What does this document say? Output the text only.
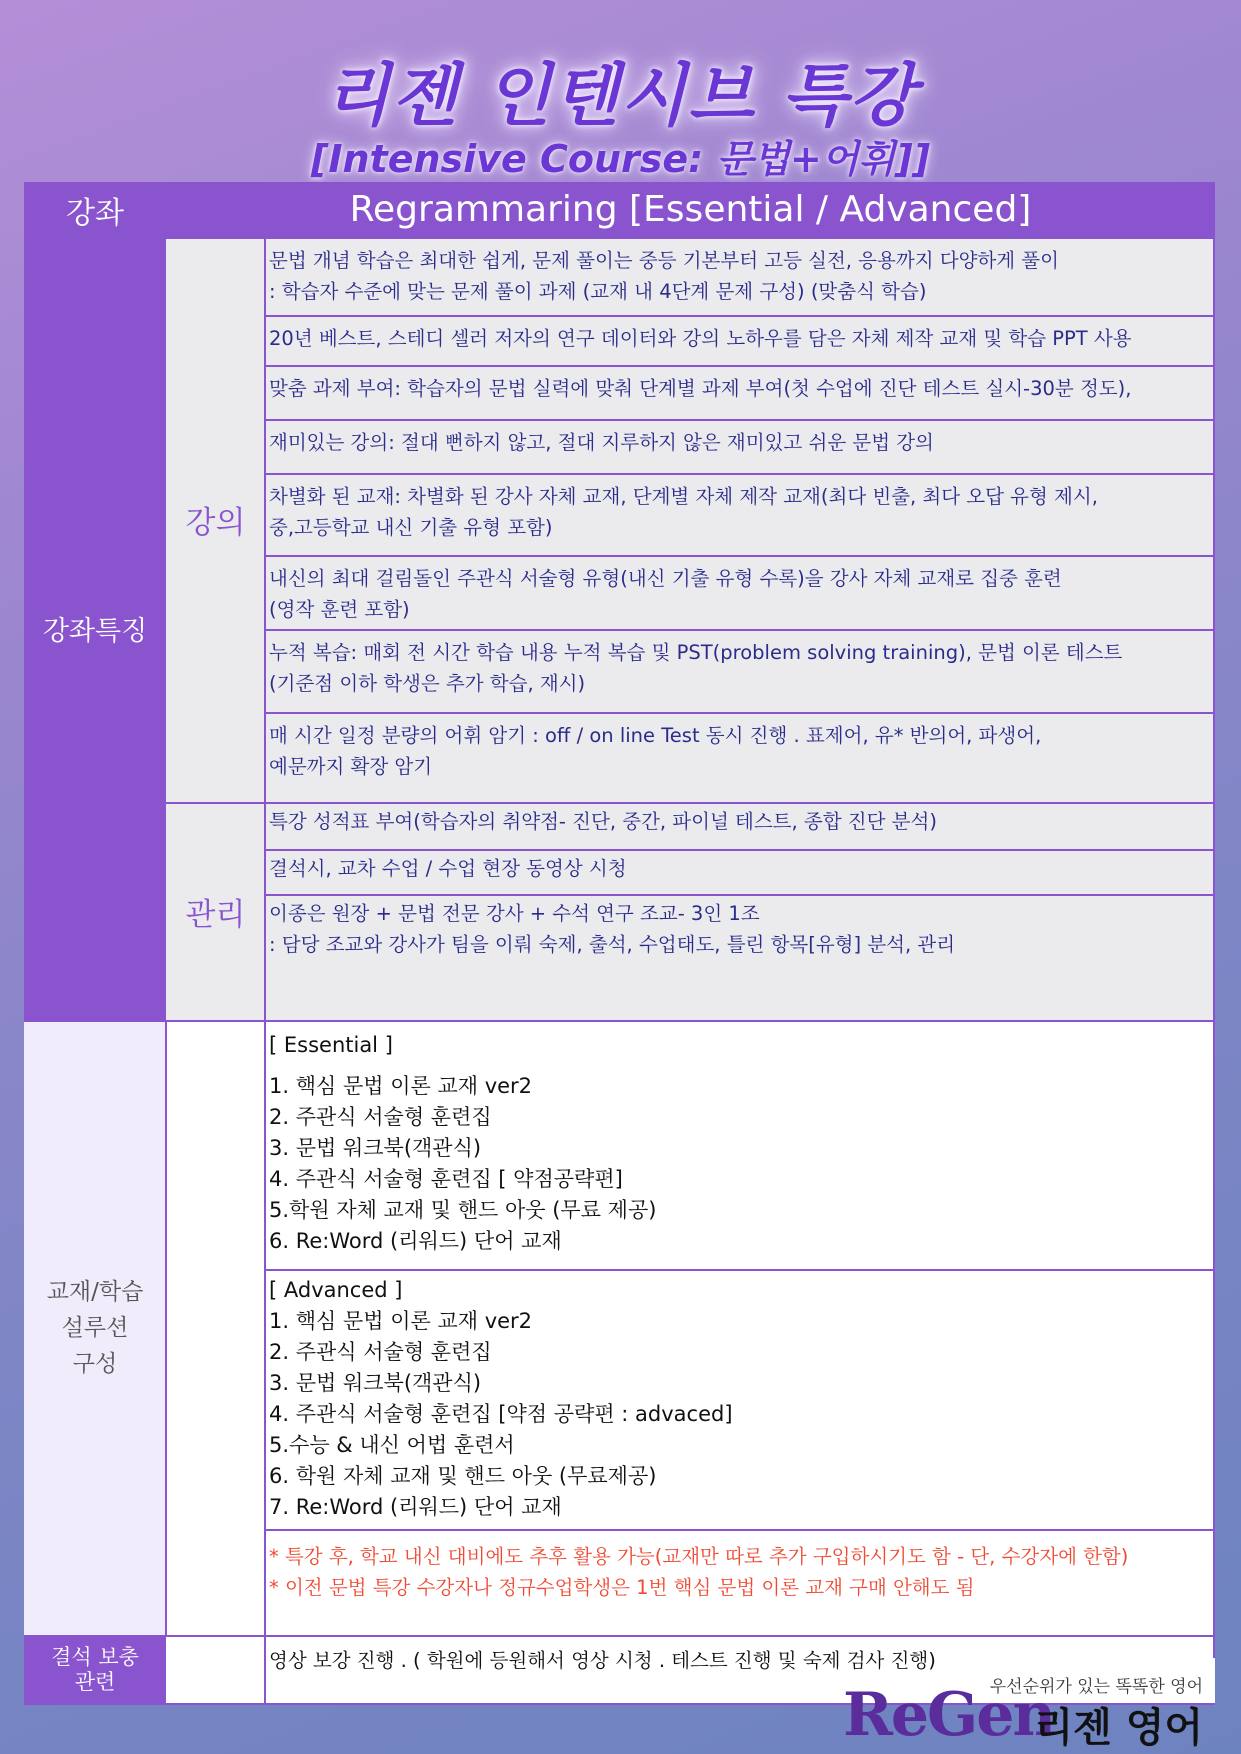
리젠 인텐시브 특강
[Intensive Course: 문법+어휘]]
강좌	Regrammaring [Essential / Advanced]
강좌특징
강의
관리
문법 개념 학습은 최대한 쉽게, 문제 풀이는 중등 기본부터 고등 실전, 응용까지 다양하게 풀이
: 학습자 수준에 맞는 문제 풀이 과제 (교재 내 4단계 문제 구성) (맞춤식 학습)
20년 베스트, 스테디 셀러 저자의 연구 데이터와 강의 노하우를 담은 자체 제작 교재 및 학습 PPT 사용
맞춤 과제 부여: 학습자의 문법 실력에 맞춰 단계별 과제 부여(첫 수업에 진단 테스트 실시-30분 정도),
재미있는 강의: 절대 뻔하지 않고, 절대 지루하지 않은 재미있고 쉬운 문법 강의
차별화 된 교재: 차별화 된 강사 자체 교재, 단계별 자체 제작 교재(최다 빈출, 최다 오답 유형 제시,
중,고등학교 내신 기출 유형 포함)
내신의 최대 걸림돌인 주관식 서술형 유형(내신 기출 유형 수록)을 강사 자체 교재로 집중 훈련
(영작 훈련 포함)
누적 복습: 매회 전 시간 학습 내용 누적 복습 및 PST(problem solving training), 문법 이론 테스트
(기준점 이하 학생은 추가 학습, 재시)
매 시간 일정 분량의 어휘 암기 : off / on line Test 동시 진행 . 표제어, 유* 반의어, 파생어,
예문까지 확장 암기
특강 성적표 부여(학습자의 취약점- 진단, 중간, 파이널 테스트, 종합 진단 분석)
결석시, 교차 수업 / 수업 현장 동영상 시청
이종은 원장 + 문법 전문 강사 + 수석 연구 조교- 3인 1조
: 담당 조교와 강사가 팀을 이뤄 숙제, 출석, 수업태도, 틀린 항목[유형] 분석, 관리
교재/학습
설루션
구성
[ Essential ]
1. 핵심 문법 이론 교재 ver2
2. 주관식 서술형 훈련집
3. 문법 워크북(객관식)
4. 주관식 서술형 훈련집 [ 약점공략편]
5.학원 자체 교재 및 핸드 아웃 (무료 제공)
6. Re:Word (리워드) 단어 교재
[ Advanced ]
1. 핵심 문법 이론 교재 ver2
2. 주관식 서술형 훈련집
3. 문법 워크북(객관식)
4. 주관식 서술형 훈련집 [약점 공략편 : advaced]
5.수능 & 내신 어법 훈련서
6. 학원 자체 교재 및 핸드 아웃 (무료제공)
7. Re:Word (리워드) 단어 교재
* 특강 후, 학교 내신 대비에도 추후 활용 가능(교재만 따로 추가 구입하시기도 함 - 단, 수강자에 한함)
* 이전 문법 특강 수강자나 정규수업학생은 1번 핵심 문법 이론 교재 구매 안해도 됨
결석 보충
관련
영상 보강 진행 . ( 학원에 등원해서 영상 시청 . 테스트 진행 및 숙제 검사 진행)
우선순위가 있는 똑똑한 영어
ReGen
리젠 영어
